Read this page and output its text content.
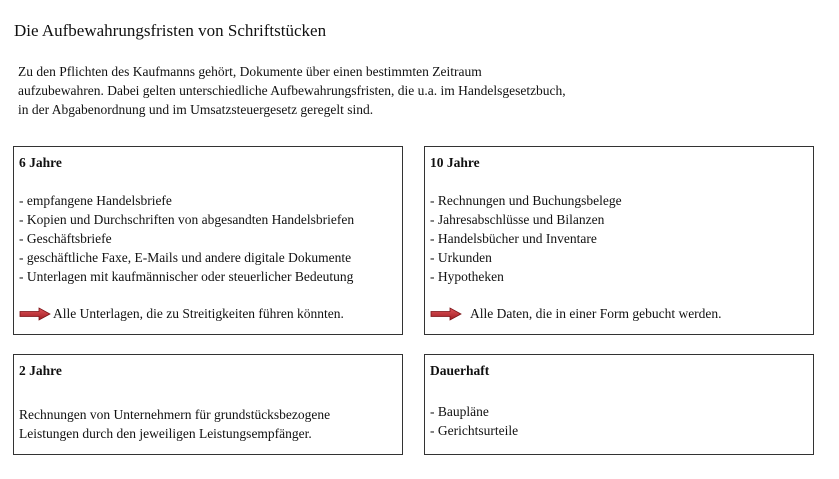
Die Aufbewahrungsfristen von Schriftstücken
Zu den Pflichten des Kaufmanns gehört, Dokumente über einen bestimmten Zeitraum
aufzubewahren. Dabei gelten unterschiedliche Aufbewahrungsfristen, die u.a. im Handelsgesetzbuch,
in der Abgabenordnung und im Umsatzsteuergesetz geregelt sind.
6 Jahre
- empfangene Handelsbriefe
- Kopien und Durchschriften von abgesandten Handelsbriefen
- Geschäftsbriefe
- geschäftliche Faxe, E-Mails und andere digitale Dokumente
- Unterlagen mit kaufmännischer oder steuerlicher Bedeutung
Alle Unterlagen, die zu Streitigkeiten führen könnten.
10 Jahre
- Rechnungen und Buchungsbelege
- Jahresabschlüsse und Bilanzen
- Handelsbücher und Inventare
- Urkunden
- Hypotheken
Alle Daten, die in einer Form gebucht werden.
2 Jahre
Rechnungen von Unternehmern für grundstücksbezogene
Leistungen durch den jeweiligen Leistungsempfänger.
Dauerhaft
- Baupläne
- Gerichtsurteile
